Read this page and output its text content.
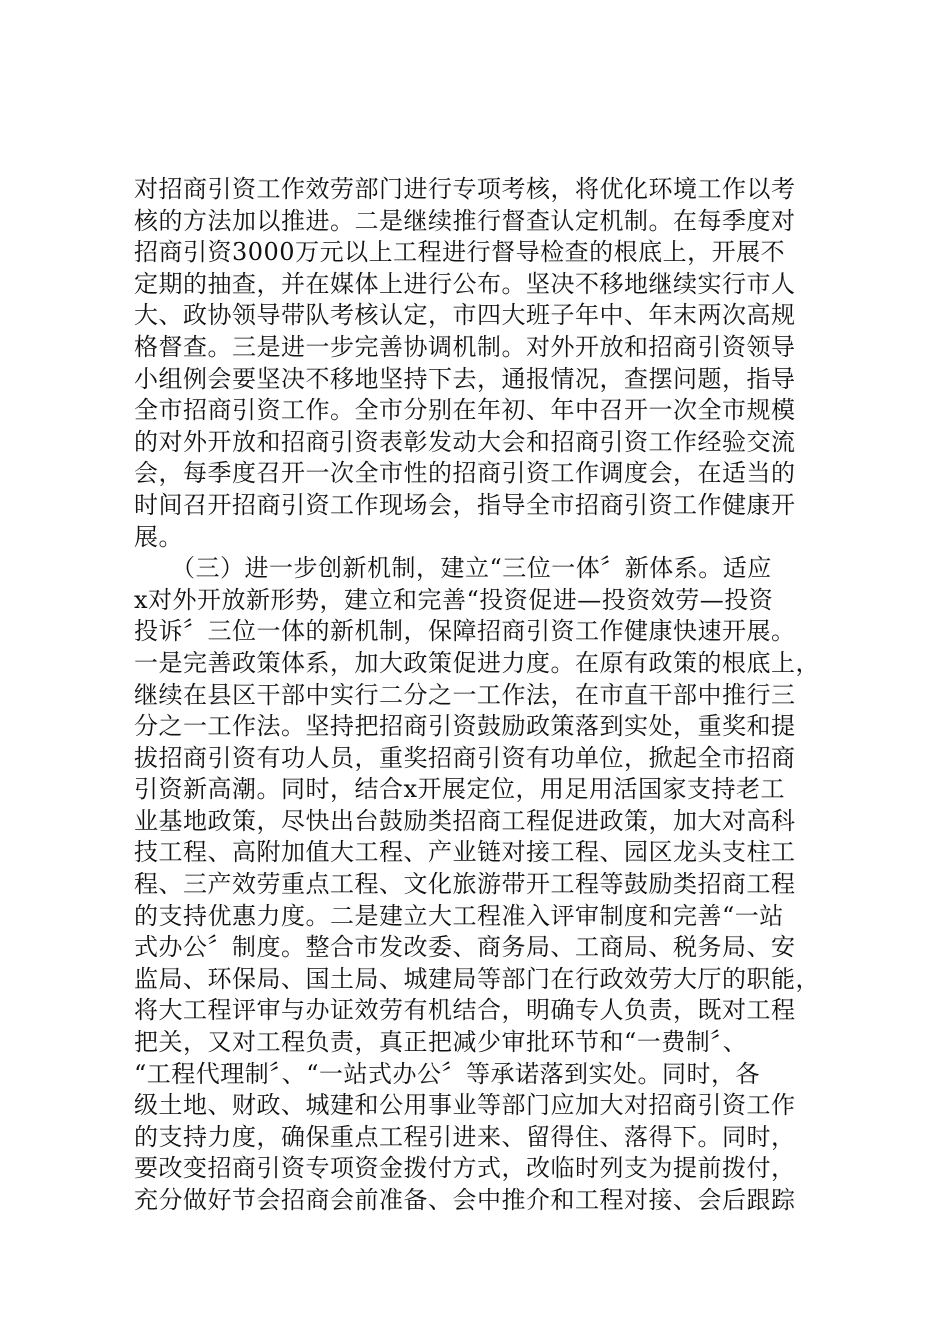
对招商引资工作效劳部门进行专项考核，将优化环境工作以考
核的方法加以推进。二是继续推行督查认定机制。在每季度对
招商引资3000万元以上工程进行督导检查的根底上，开展不
定期的抽查，并在媒体上进行公布。坚决不移地继续实行市人
大、政协领导带队考核认定，市四大班子年中、年末两次高规
格督查。三是进一步完善协调机制。对外开放和招商引资领导
小组例会要坚决不移地坚持下去，通报情况，查摆问题，指导
全市招商引资工作。全市分别在年初、年中召开一次全市规模
的对外开放和招商引资表彰发动大会和招商引资工作经验交流
会，每季度召开一次全市性的招商引资工作调度会，在适当的
时间召开招商引资工作现场会，指导全市招商引资工作健康开
展。
　　（三）进一步创新机制，建立“三位一体〞新体系。适应
x对外开放新形势，建立和完善“投资促进—投资效劳—投资
投诉〞三位一体的新机制，保障招商引资工作健康快速开展。
一是完善政策体系，加大政策促进力度。在原有政策的根底上，
继续在县区干部中实行二分之一工作法，在市直干部中推行三
分之一工作法。坚持把招商引资鼓励政策落到实处，重奖和提
拔招商引资有功人员，重奖招商引资有功单位，掀起全市招商
引资新高潮。同时，结合x开展定位，用足用活国家支持老工
业基地政策，尽快出台鼓励类招商工程促进政策，加大对高科
技工程、高附加值大工程、产业链对接工程、园区龙头支柱工
程、三产效劳重点工程、文化旅游带开工程等鼓励类招商工程
的支持优惠力度。二是建立大工程准入评审制度和完善“一站
式办公〞制度。整合市发改委、商务局、工商局、税务局、安
监局、环保局、国土局、城建局等部门在行政效劳大厅的职能，
将大工程评审与办证效劳有机结合，明确专人负责，既对工程
把关，又对工程负责，真正把减少审批环节和“一费制〞、
“工程代理制〞、“一站式办公〞等承诺落到实处。同时，各
级土地、财政、城建和公用事业等部门应加大对招商引资工作
的支持力度，确保重点工程引进来、留得住、落得下。同时，
要改变招商引资专项资金拨付方式，改临时列支为提前拨付，
充分做好节会招商会前准备、会中推介和工程对接、会后跟踪
